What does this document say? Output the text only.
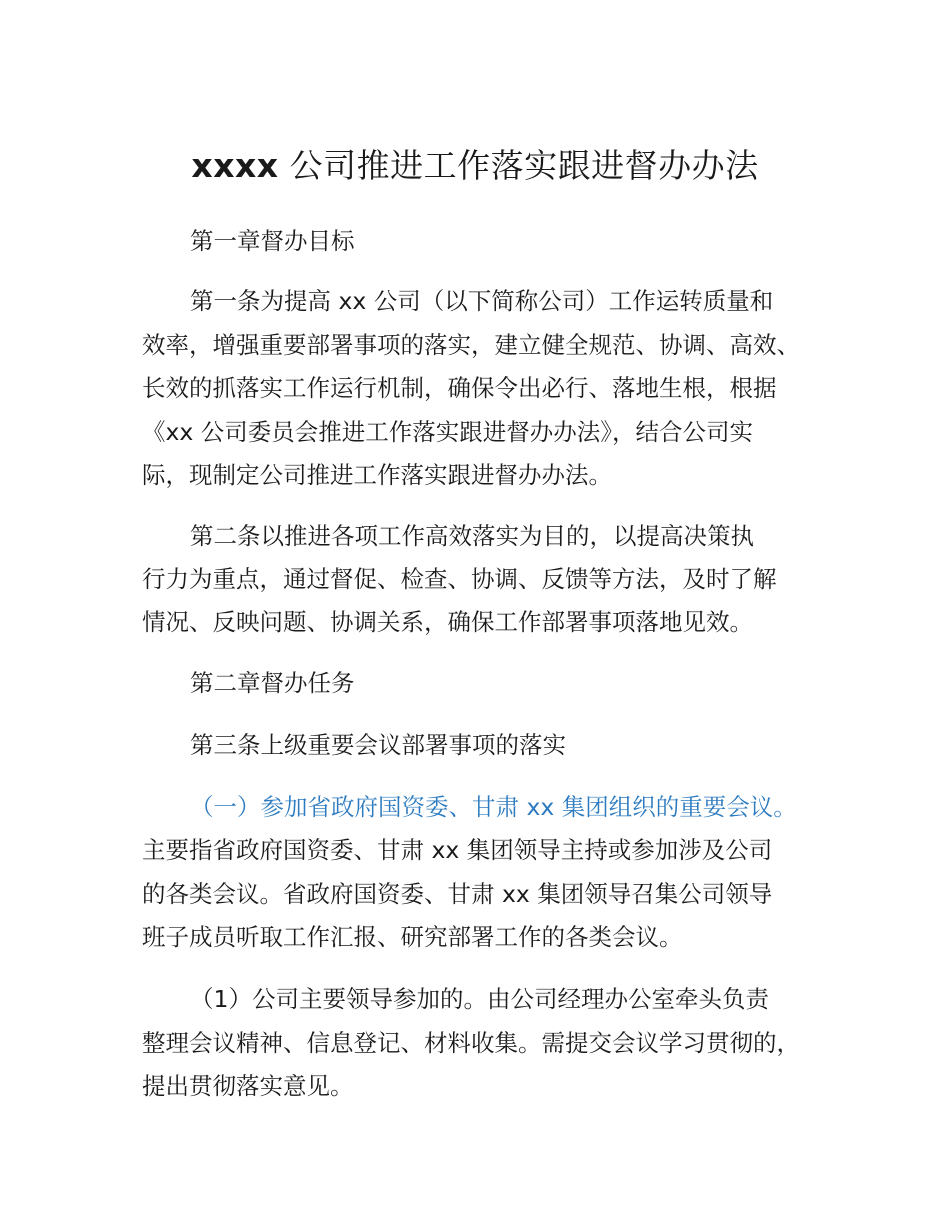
xxxx 公司推进工作落实跟进督办办法
第一章督办目标
第一条为提高 xx 公司（以下简称公司）工作运转质量和
效率，增强重要部署事项的落实，建立健全规范、协调、高效、
长效的抓落实工作运行机制，确保令出必行、落地生根，根据
《xx 公司委员会推进工作落实跟进督办办法》，结合公司实
际，现制定公司推进工作落实跟进督办办法。
第二条以推进各项工作高效落实为目的，以提高决策执
行力为重点，通过督促、检查、协调、反馈等方法，及时了解
情况、反映问题、协调关系，确保工作部署事项落地见效。
第二章督办任务
第三条上级重要会议部署事项的落实
（一）参加省政府国资委、甘肃 xx 集团组织的重要会议。
主要指省政府国资委、甘肃 xx 集团领导主持或参加涉及公司
的各类会议。省政府国资委、甘肃 xx 集团领导召集公司领导
班子成员听取工作汇报、研究部署工作的各类会议。
（1）公司主要领导参加的。由公司经理办公室牵头负责
整理会议精神、信息登记、材料收集。需提交会议学习贯彻的，
提出贯彻落实意见。
